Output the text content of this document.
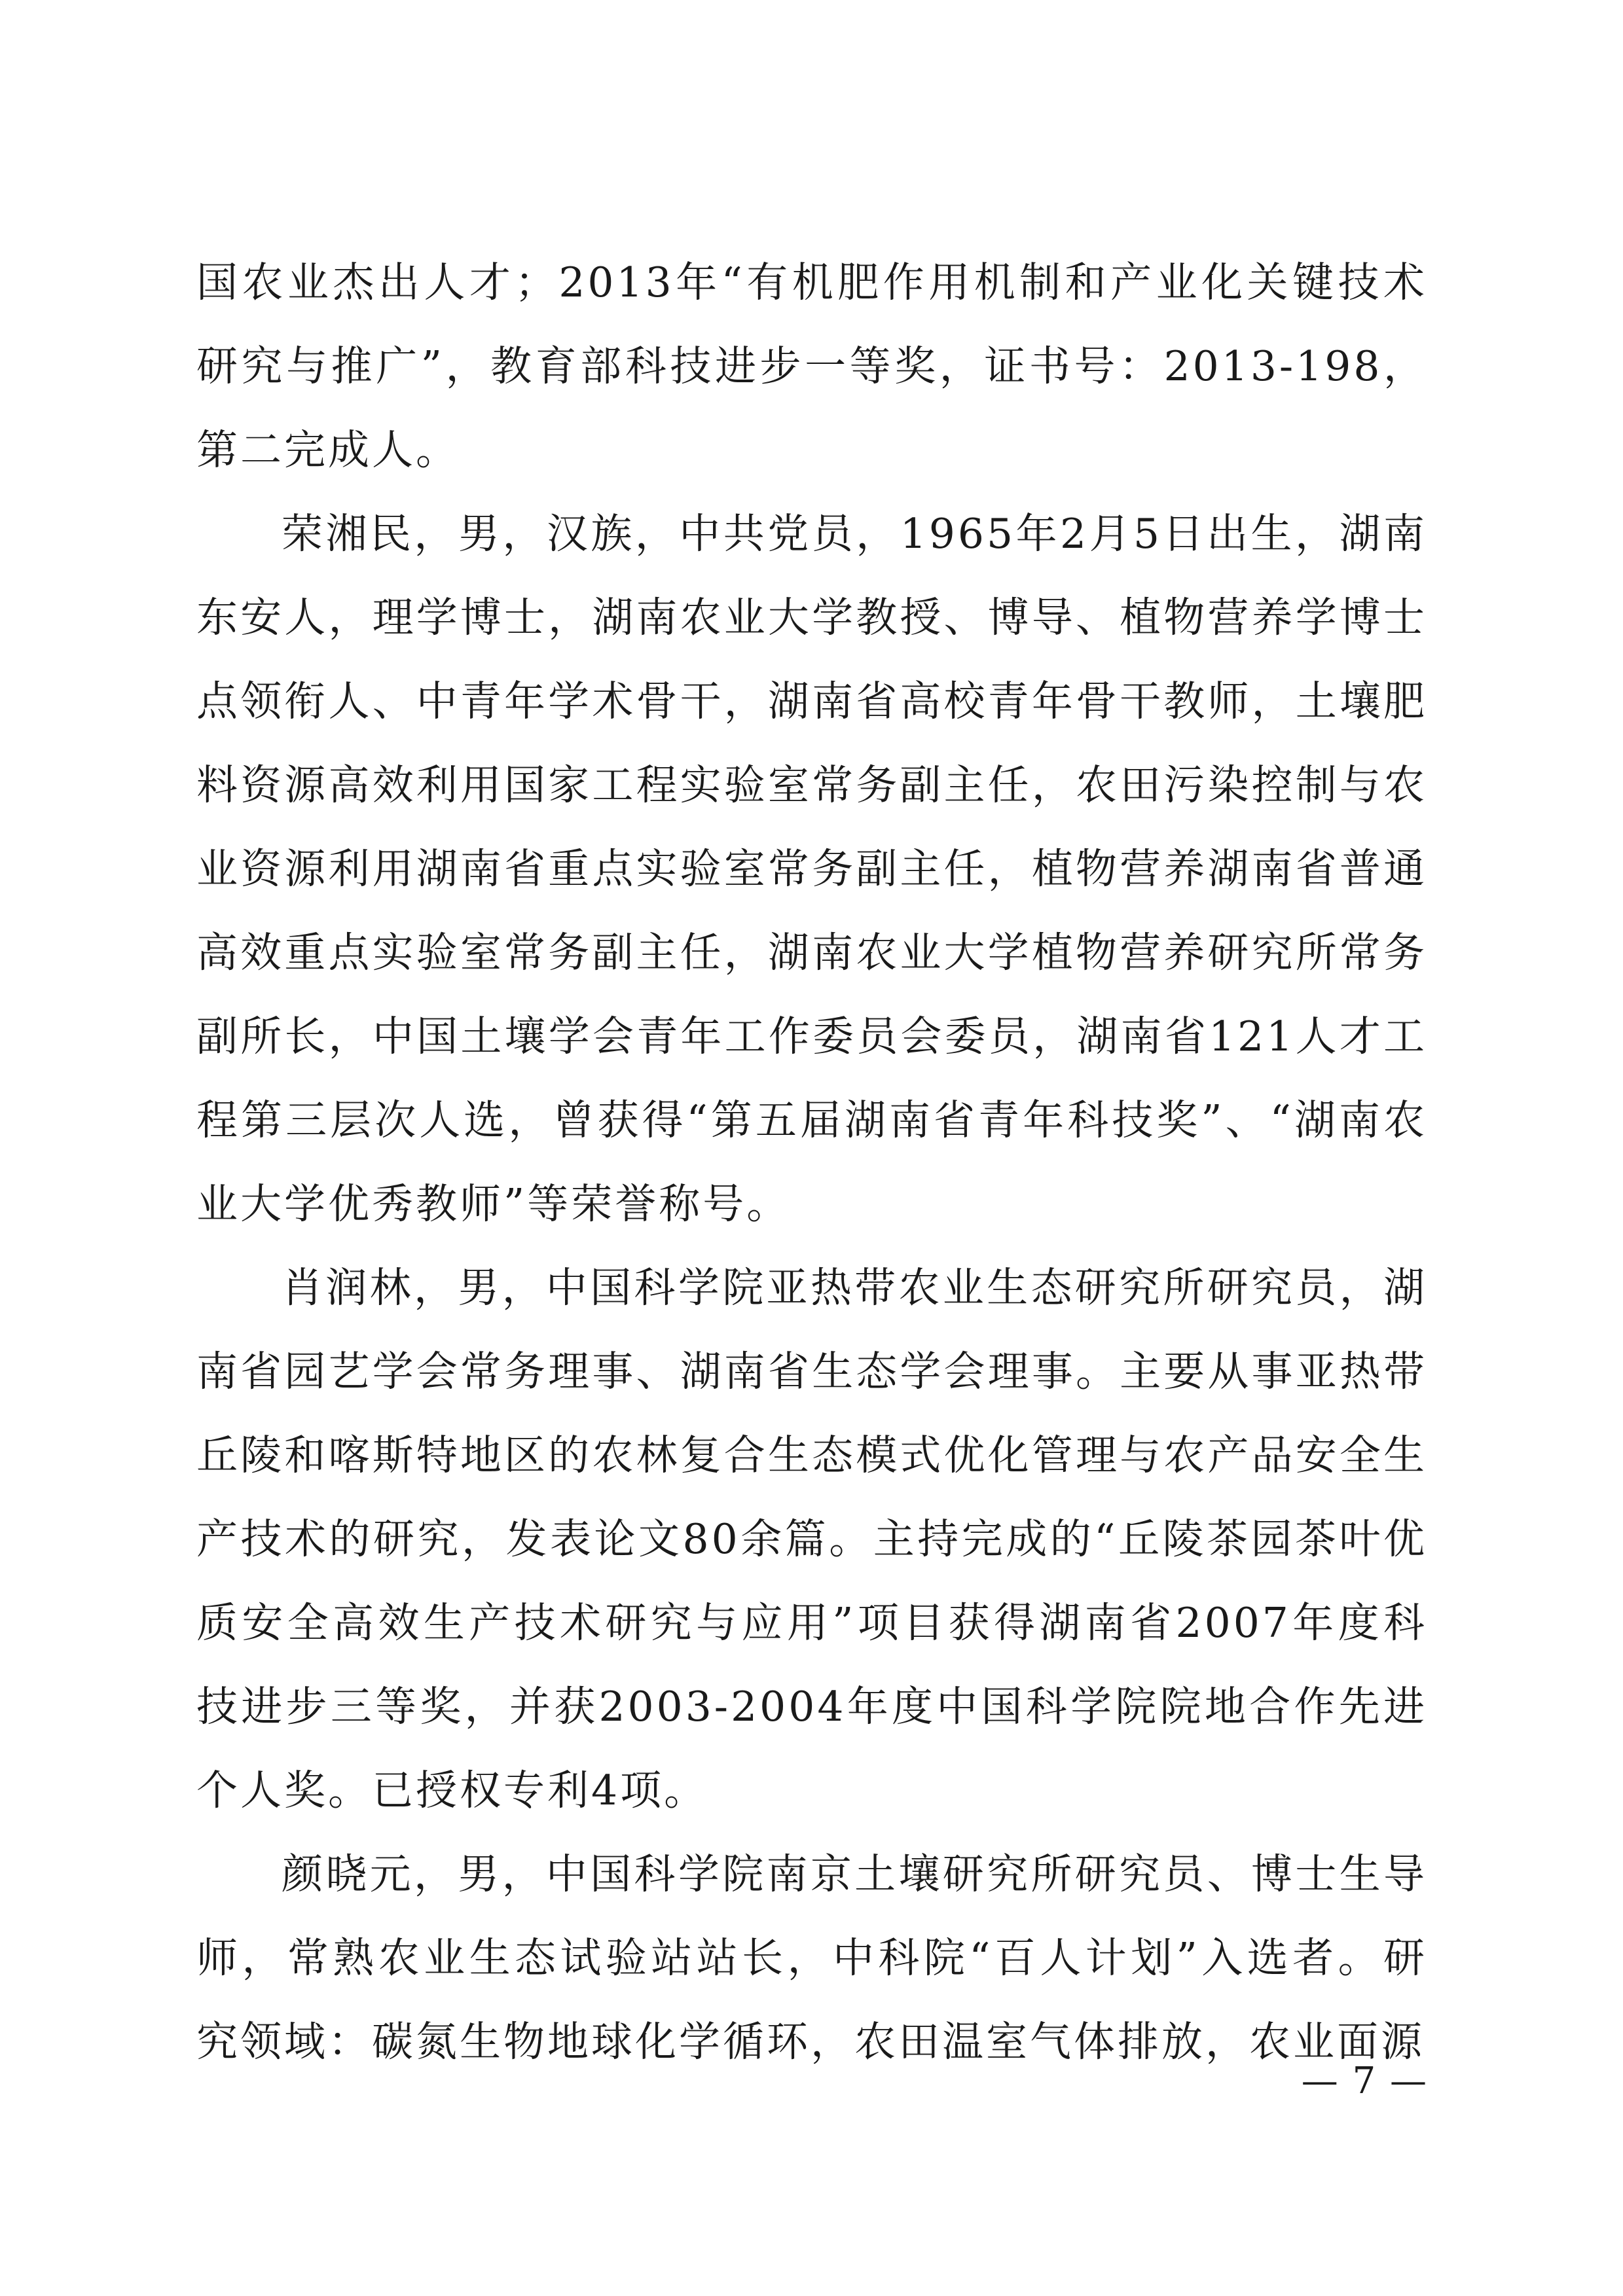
国农业杰出人才；2013年“有机肥作用机制和产业化关键技术研究与推广”，教育部科技进步一等奖，证书号：2013-198，第二完成人。

荣湘民，男，汉族，中共党员，1965年2月5日出生，湖南东安人，理学博士，湖南农业大学教授、博导、植物营养学博士点领衔人、中青年学术骨干，湖南省高校青年骨干教师，土壤肥料资源高效利用国家工程实验室常务副主任，农田污染控制与农业资源利用湖南省重点实验室常务副主任，植物营养湖南省普通高效重点实验室常务副主任，湖南农业大学植物营养研究所常务副所长，中国土壤学会青年工作委员会委员，湖南省121人才工程第三层次人选，曾获得“第五届湖南省青年科技奖”、“湖南农业大学优秀教师”等荣誉称号。

肖润林，男，中国科学院亚热带农业生态研究所研究员，湖南省园艺学会常务理事、湖南省生态学会理事。主要从事亚热带丘陵和喀斯特地区的农林复合生态模式优化管理与农产品安全生产技术的研究，发表论文80余篇。主持完成的“丘陵茶园茶叶优质安全高效生产技术研究与应用”项目获得湖南省2007年度科技进步三等奖，并获2003-2004年度中国科学院院地合作先进个人奖。已授权专利4项。

颜晓元，男，中国科学院南京土壤研究所研究员、博士生导师，常熟农业生态试验站站长，中科院“百人计划”入选者。研究领域：碳氮生物地球化学循环，农田温室气体排放，农业面源

— 7 —
